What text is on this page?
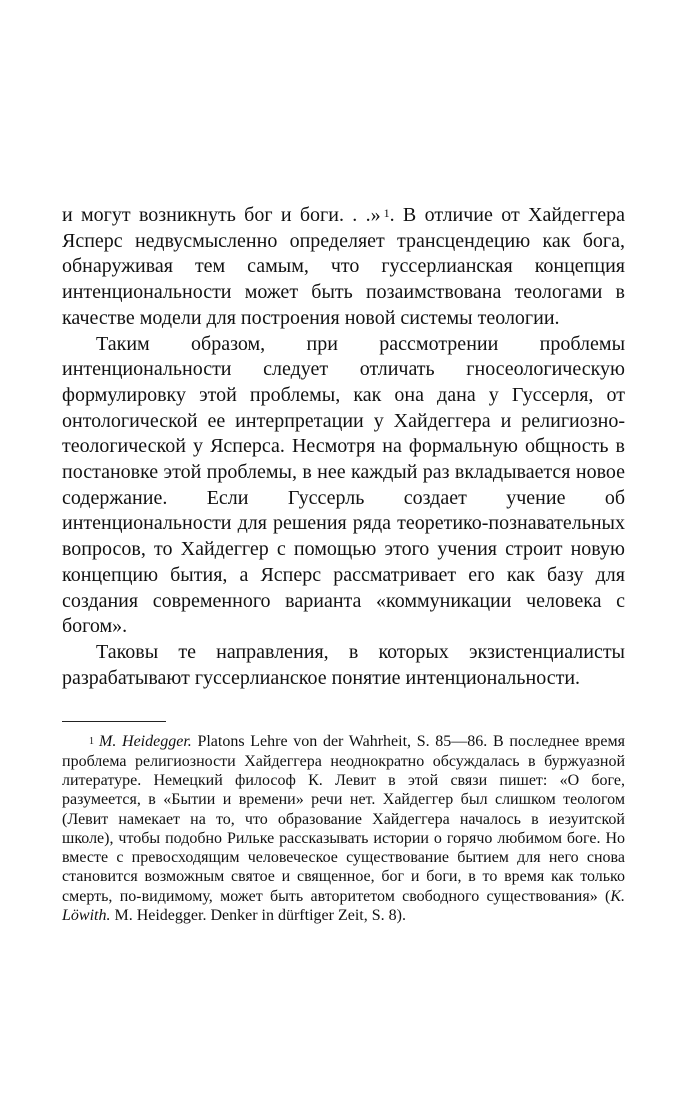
и могут возникнуть бог и боги. . .» $^1$. В отличие от Хайдеггера Ясперс недвусмысленно определяет трансцендецию как бога, обнаруживая тем самым, что гуссерлианская концепция интенциональности может быть позаимствована теологами в качестве модели для построения новой системы теологии.

Таким образом, при рассмотрении проблемы интенциональности следует отличать гносеологическую формулировку этой проблемы, как она дана у Гуссерля, от онтологической ее интерпретации у Хайдеггера и религиозно-теологической у Ясперса. Несмотря на формальную общность в постановке этой проблемы, в нее каждый раз вкладывается новое содержание. Если Гуссерль создает учение об интенциональности для решения ряда теоретико-познавательных вопросов, то Хайдеггер с помощью этого учения строит новую концепцию бытия, а Ясперс рассматривает его как базу для создания современного варианта «коммуникации человека с богом».

Таковы те направления, в которых экзистенциалисты разрабатывают гуссерлианское понятие интенциональности.

$^1$ M. Heidegger. Platons Lehre von der Wahrheit, S. 85—86. В последнее время проблема религиозности Хайдеггера неоднократно обсуждалась в буржуазной литературе. Немецкий философ К. Левит в этой связи пишет: «О боге, разумеется, в «Бытии и времени» речи нет. Хайдеггер был слишком теологом (Левит намекает на то, что образование Хайдеггера началось в иезуитской школе), чтобы подобно Рильке рассказывать истории о горячо любимом боге. Но вместе с превосходящим человеческое существование бытием для него снова становится возможным святое и священное, бог и боги, в то время как только смерть, по-видимому, может быть авторитетом свободного существования» (K. Löwith. M. Heidegger. Denker in dürftiger Zeit, S. 8).
